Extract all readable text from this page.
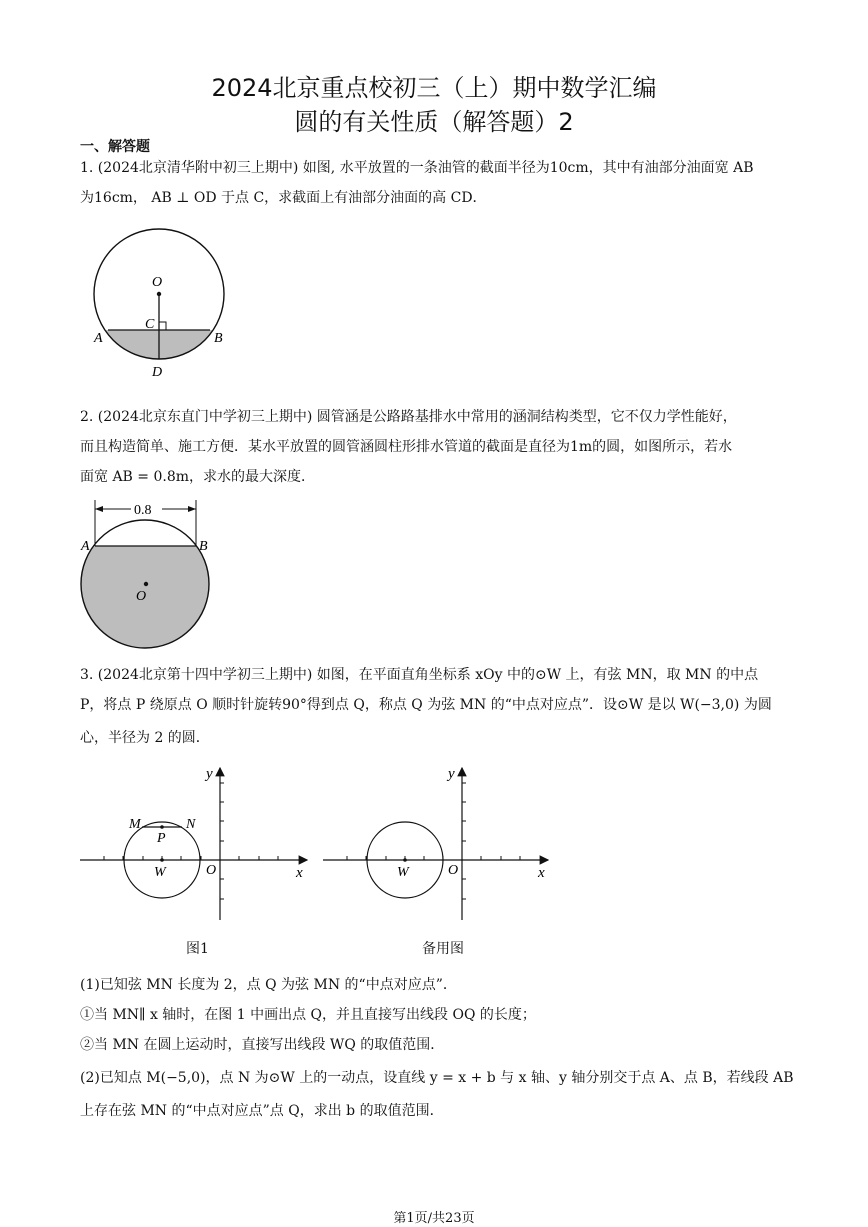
2024北京重点校初三（上）期中数学汇编
圆的有关性质（解答题）2
一、解答题
1. (2024北京清华附中初三上期中) 如图, 水平放置的一条油管的截面半径为10cm，其中有油部分油面宽 AB
为16cm， AB ⊥ OD 于点 C，求截面上有油部分油面的高 CD．
O
C
A	B
D
2. (2024北京东直门中学初三上期中) 圆管涵是公路路基排水中常用的涵洞结构类型，它不仅力学性能好，
而且构造简单、施工方便．某水平放置的圆管涵圆柱形排水管道的截面是直径为1m的圆，如图所示，若水
面宽 AB = 0.8m，求水的最大深度．
0.8
A	B
O
3. (2024北京第十四中学初三上期中) 如图，在平面直角坐标系 xOy 中的⊙W 上，有弦 MN，取 MN 的中点
P，将点 P 绕原点 O 顺时针旋转90°得到点 Q，称点 Q 为弦 MN 的“中点对应点”．设⊙W 是以 W(−3,0) 为圆
心，半径为 2 的圆．
M	N
P
W	O	x
y
图1
W	O	x
y
备用图
(1)已知弦 MN 长度为 2，点 Q 为弦 MN 的“中点对应点”．
①当 MN∥ x 轴时，在图 1 中画出点 Q，并且直接写出线段 OQ 的长度；
②当 MN 在圆上运动时，直接写出线段 WQ 的取值范围．
(2)已知点 M(−5,0)，点 N 为⊙W 上的一动点，设直线 y = x + b 与 x 轴、y 轴分别交于点 A、点 B，若线段 AB
上存在弦 MN 的“中点对应点”点 Q，求出 b 的取值范围．
第1页/共23页
